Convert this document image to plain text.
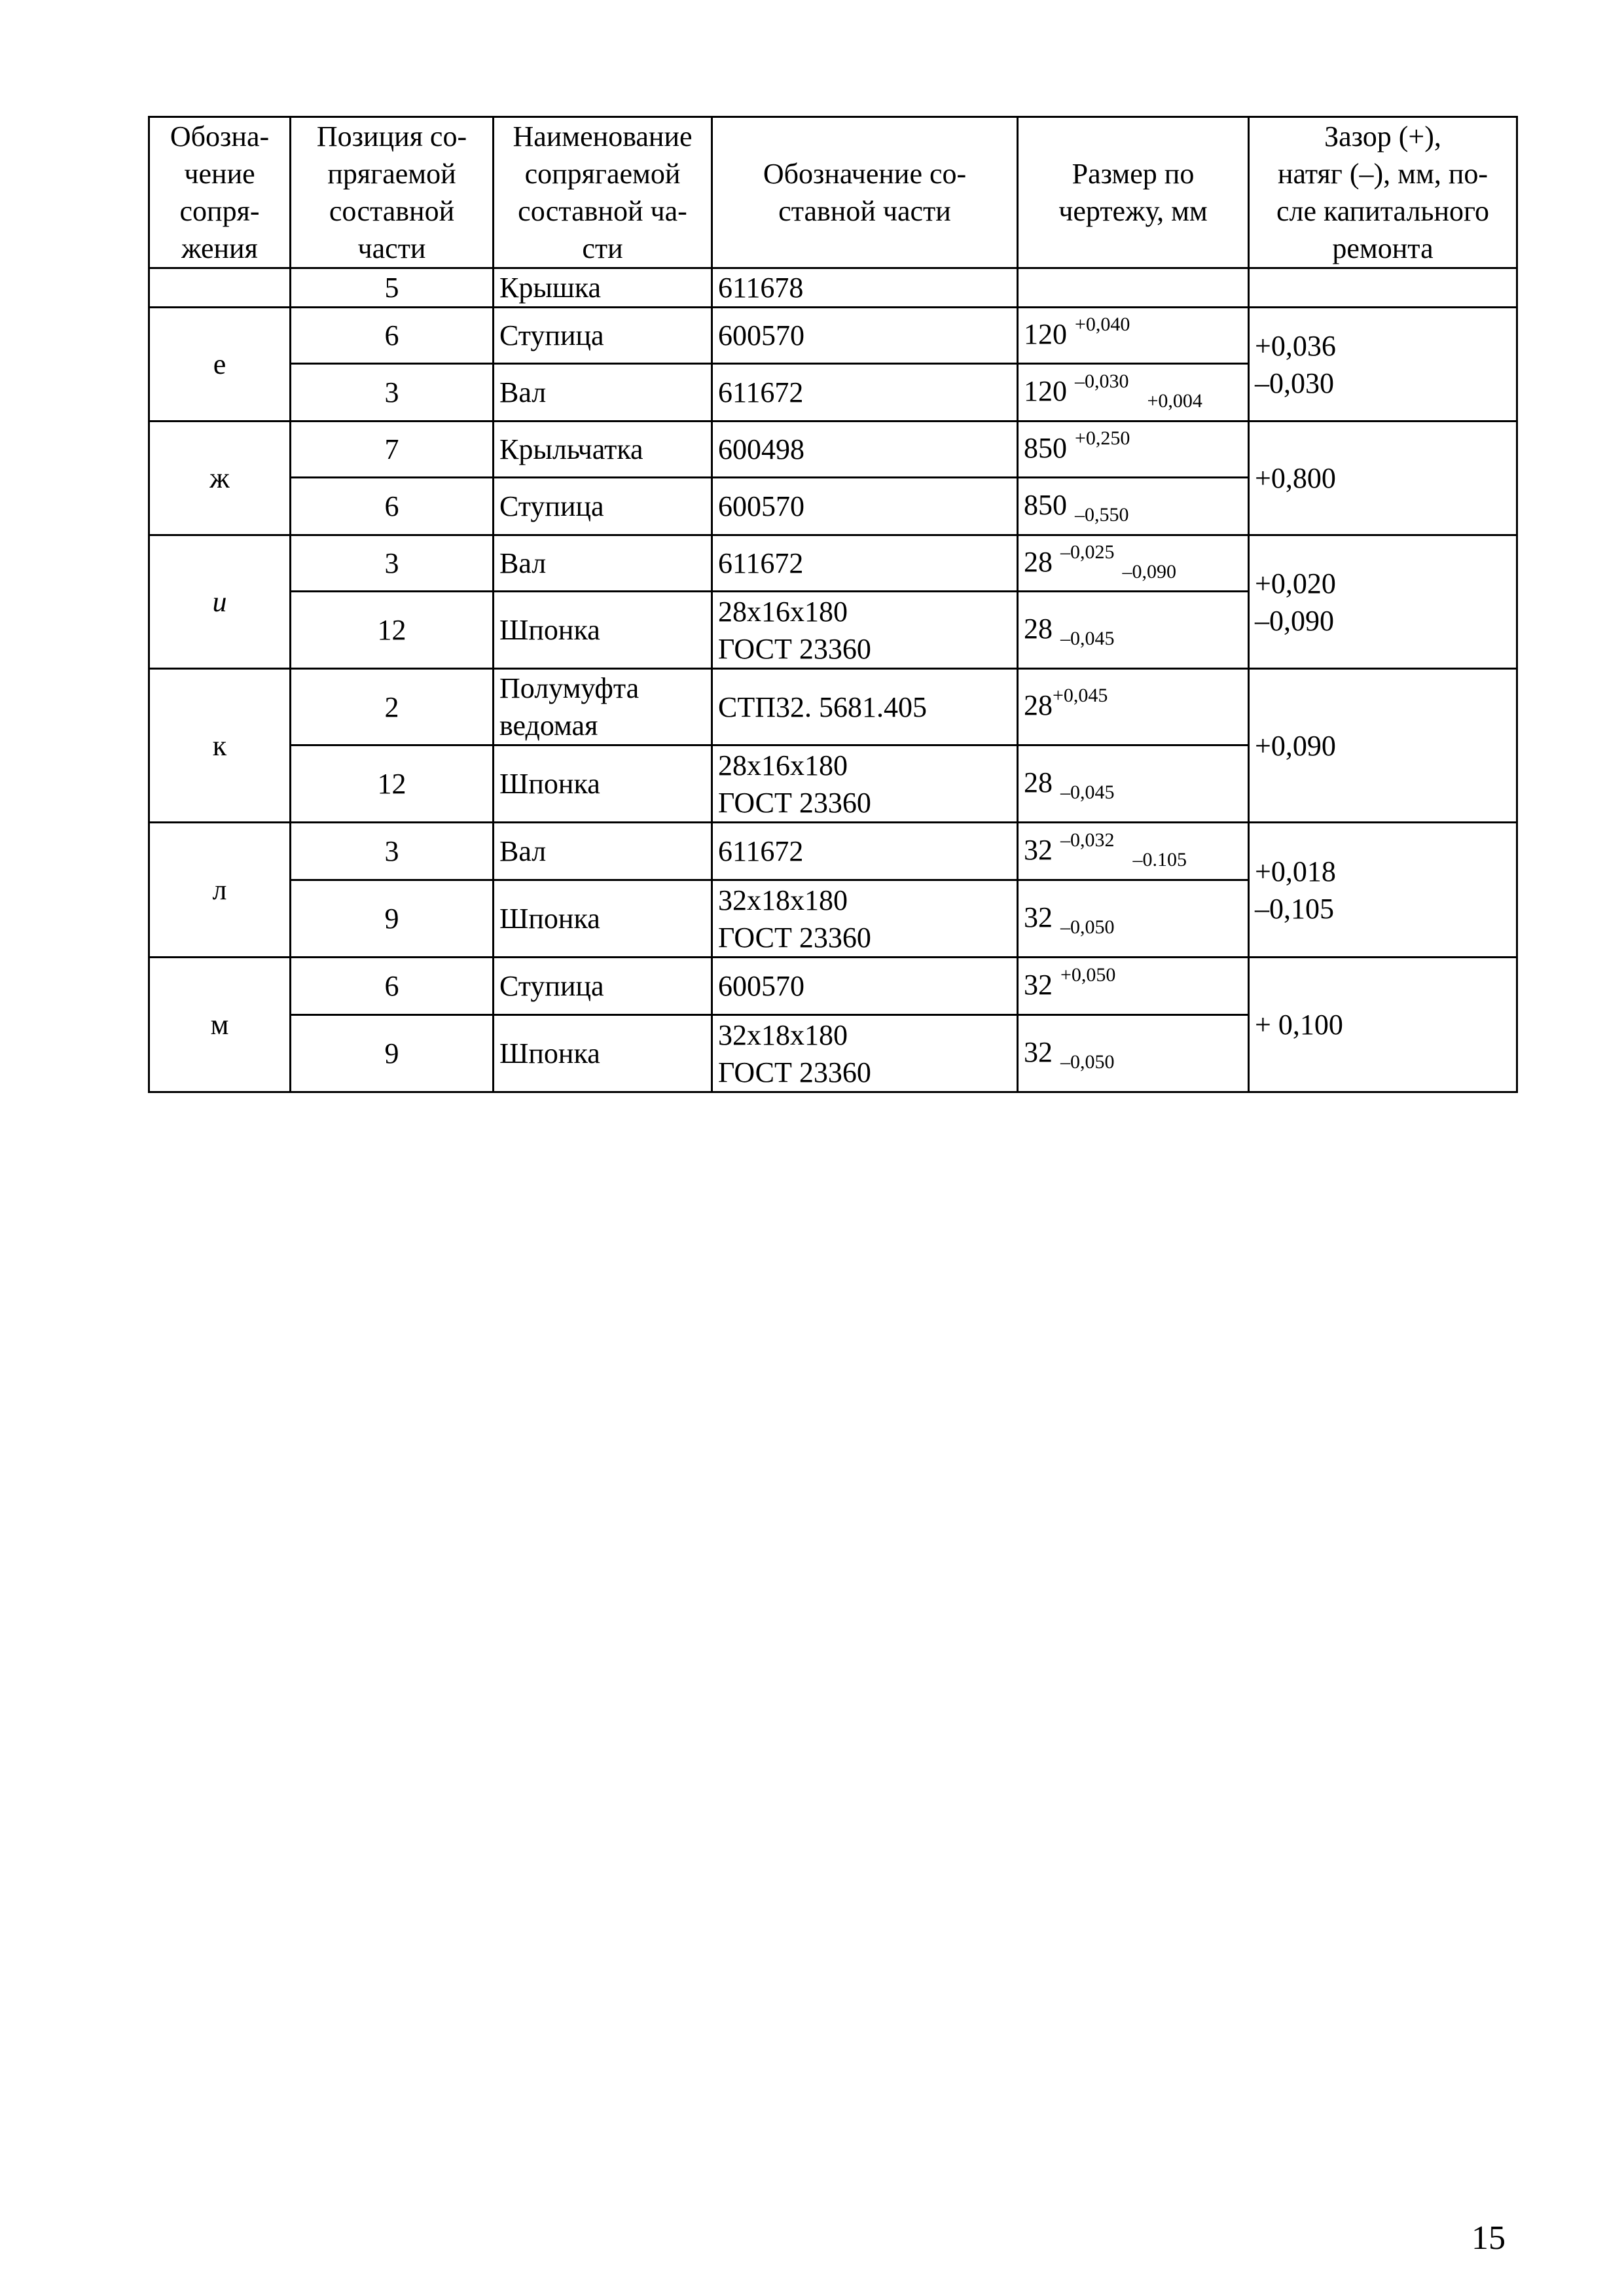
Обозна-
чение
сопря-
жения	Позиция со-
прягаемой
составной
части	Наименование
сопрягаемой
составной ча-
сти	Обозначение со-
ставной части	Размер по
чертежу, мм	Зазор (+),
натяг (–), мм, по-
сле капитального
ремонта
	5	Крышка	611678		
е	6	Ступица	600570	120 $^{+0,040}$	+0,036
–0,030
	3	Вал	611672	120 $^{-0,030}_{+0,004}$
ж	7	Крыльчатка	600498	850 $^{+0,250}$	+0,800
	6	Ступица	600570	850 $_{-0,550}$
и	3	Вал	611672	28 $^{-0,025}_{-0,090}$	+0,020
–0,090
	12	Шпонка	28x16x180
ГОСТ 23360	28 $_{-0,045}$
к	2	Полумуфта
ведомая	СТП32. 5681.405	$28^{+0,045}$	+0,090
	12	Шпонка	28x16x180
ГОСТ 23360	28 $_{-0,045}$
л	3	Вал	611672	32 $^{-0,032}_{-0.105}$	+0,018
–0,105
	9	Шпонка	32x18x180
ГОСТ 23360	32 $_{-0,050}$
м	6	Ступица	600570	32 $^{+0,050}$	+ 0,100
	9	Шпонка	32x18x180
ГОСТ 23360	32 $_{-0,050}$
15
